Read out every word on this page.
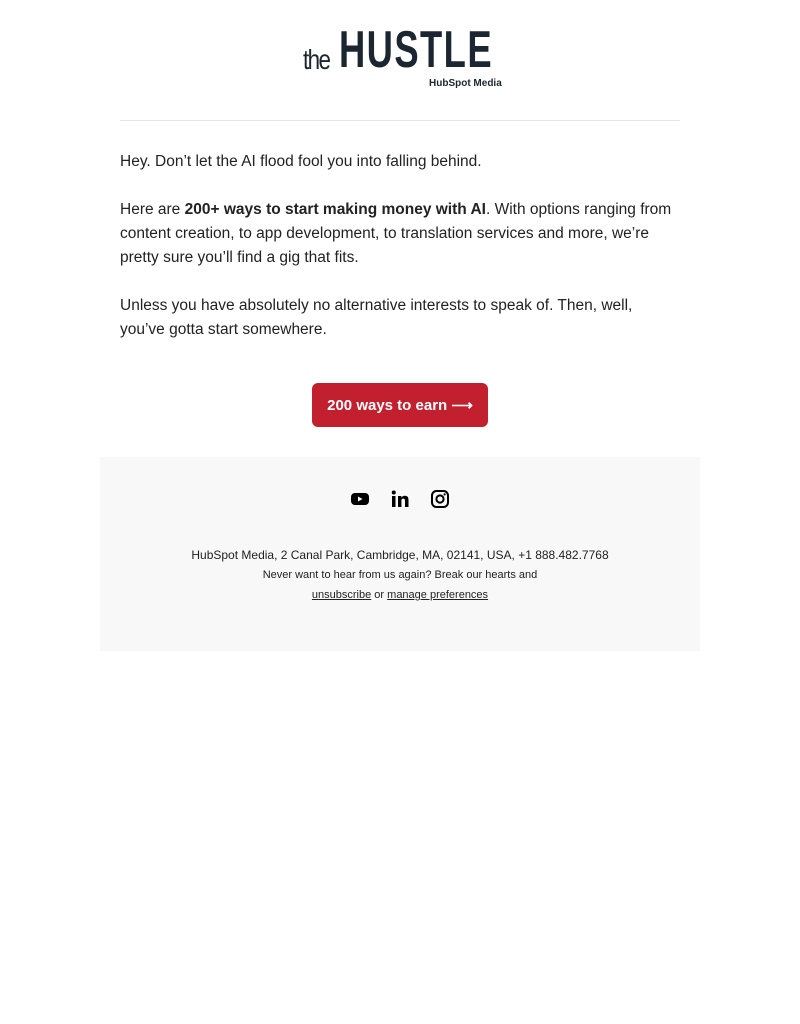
the HUSTLE
HubSpot Media

Hey. Don’t let the AI flood fool you into falling behind.

Here are 200+ ways to start making money with AI. With options ranging from content creation, to app development, to translation services and more, we’re pretty sure you’ll find a gig that fits.

Unless you have absolutely no alternative interests to speak of. Then, well, you’ve gotta start somewhere.

200 ways to earn ⟶
HubSpot Media, 2 Canal Park, Cambridge, MA, 02141, USA, +1 888.482.7768
Never want to hear from us again? Break our hearts and
unsubscribe or manage preferences
